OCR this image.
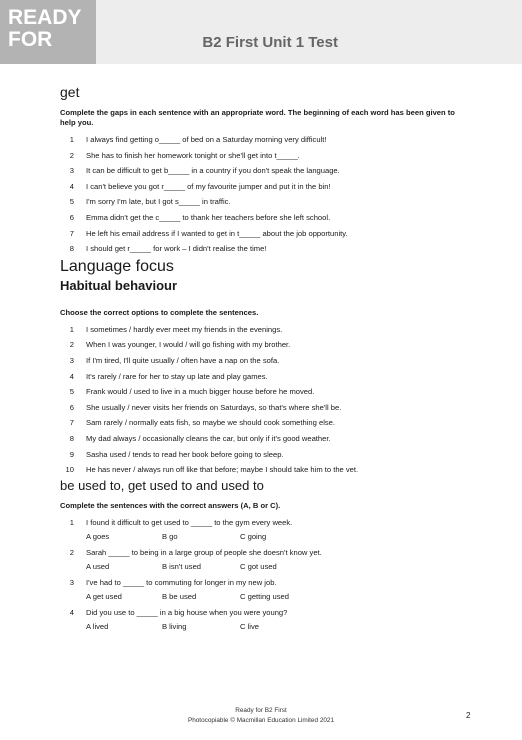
READY
FOR	B2 First Unit 1 Test
get

Complete the gaps in each sentence with an appropriate word. The beginning of each word has been given to help you.

1 I always find getting o_____ of bed on a Saturday morning very difficult!
2 She has to finish her homework tonight or she'll get into t_____.
3 It can be difficult to get b_____ in a country if you don't speak the language.
4 I can't believe you got r_____ of my favourite jumper and put it in the bin!
5 I'm sorry I'm late, but I got s_____ in traffic.
6 Emma didn't get the c_____ to thank her teachers before she left school.
7 He left his email address if I wanted to get in t_____ about the job opportunity.
8 I should get r_____ for work – I didn't realise the time!
Language focus
Habitual behaviour

Choose the correct options to complete the sentences.

1 I sometimes / hardly ever meet my friends in the evenings.
2 When I was younger, I would / will go fishing with my brother.
3 If I'm tired, I'll quite usually / often have a nap on the sofa.
4 It's rarely / rare for her to stay up late and play games.
5 Frank would / used to live in a much bigger house before he moved.
6 She usually / never visits her friends on Saturdays, so that's where she'll be.
7 Sam rarely / normally eats fish, so maybe we should cook something else.
8 My dad always / occasionally cleans the car, but only if it's good weather.
9 Sasha used / tends to read her book before going to sleep.
10 He has never / always run off like that before; maybe I should take him to the vet.
be used to, get used to and used to

Complete the sentences with the correct answers (A, B or C).

1 I found it difficult to get used to _____ to the gym every week.
A goes	B go	C going
2 Sarah _____ to being in a large group of people she doesn't know yet.
A used	B isn't used	C got used
3 I've had to _____ to commuting for longer in my new job.
A get used	B be used	C getting used
4 Did you use to _____ in a big house when you were young?
A lived	B living	C live
Ready for B2 First
Photocopiable © Macmillan Education Limited 2021
2
